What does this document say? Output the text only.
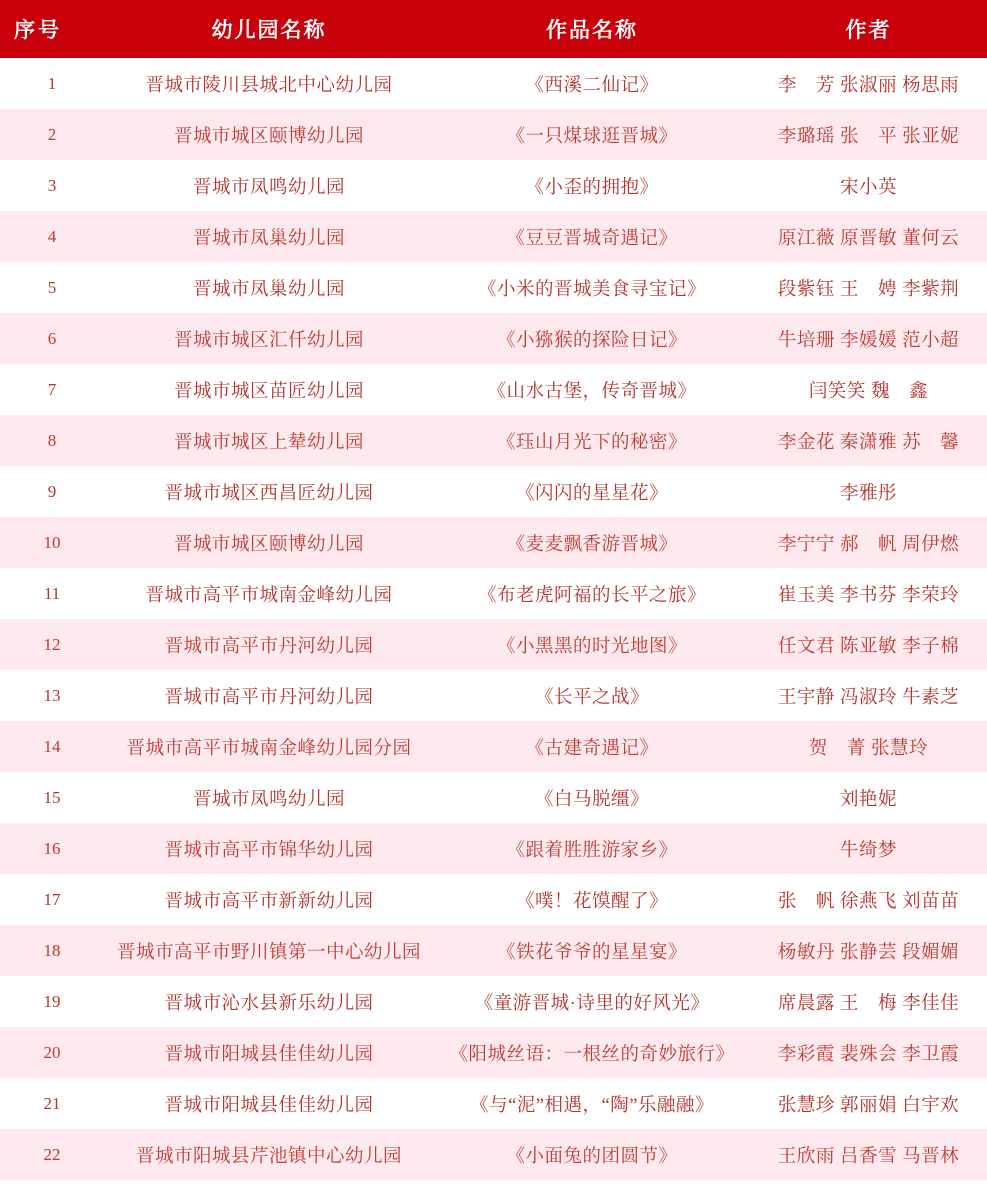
序号	幼儿园名称	作品名称	作者
1	晋城市陵川县城北中心幼儿园	《西溪二仙记》	李　芳 张淑丽 杨思雨
2	晋城市城区颐博幼儿园	《一只煤球逛晋城》	李璐瑶 张　平 张亚妮
3	晋城市凤鸣幼儿园	《小歪的拥抱》	宋小英
4	晋城市凤巢幼儿园	《豆豆晋城奇遇记》	原江薇 原晋敏 董何云
5	晋城市凤巢幼儿园	《小米的晋城美食寻宝记》	段紫钰 王　娉 李紫荆
6	晋城市城区汇仟幼儿园	《小猕猴的探险日记》	牛培珊 李媛媛 范小超
7	晋城市城区苗匠幼儿园	《山水古堡，传奇晋城》	闫笑笑 魏　鑫
8	晋城市城区上辇幼儿园	《珏山月光下的秘密》	李金花 秦潇雅 苏　馨
9	晋城市城区西昌匠幼儿园	《闪闪的星星花》	李雅彤
10	晋城市城区颐博幼儿园	《麦麦飘香游晋城》	李宁宁 郝　帆 周伊燃
11	晋城市高平市城南金峰幼儿园	《布老虎阿福的长平之旅》	崔玉美 李书芬 李荣玲
12	晋城市高平市丹河幼儿园	《小黑黑的时光地图》	任文君 陈亚敏 李子棉
13	晋城市高平市丹河幼儿园	《长平之战》	王宇静 冯淑玲 牛素芝
14	晋城市高平市城南金峰幼儿园分园	《古建奇遇记》	贺　菁 张慧玲
15	晋城市凤鸣幼儿园	《白马脱缰》	刘艳妮
16	晋城市高平市锦华幼儿园	《跟着胜胜游家乡》	牛绮梦
17	晋城市高平市新新幼儿园	《噗！花馍醒了》	张　帆 徐燕飞 刘苗苗
18	晋城市高平市野川镇第一中心幼儿园	《铁花爷爷的星星宴》	杨敏丹 张静芸 段媚媚
19	晋城市沁水县新乐幼儿园	《童游晋城·诗里的好风光》	席晨露 王　梅 李佳佳
20	晋城市阳城县佳佳幼儿园	《阳城丝语：一根丝的奇妙旅行》	李彩霞 裴殊会 李卫霞
21	晋城市阳城县佳佳幼儿园	《与“泥”相遇，“陶”乐融融》	张慧珍 郭丽娟 白宇欢
22	晋城市阳城县芹池镇中心幼儿园	《小面兔的团圆节》	王欣雨 吕香雪 马晋林
